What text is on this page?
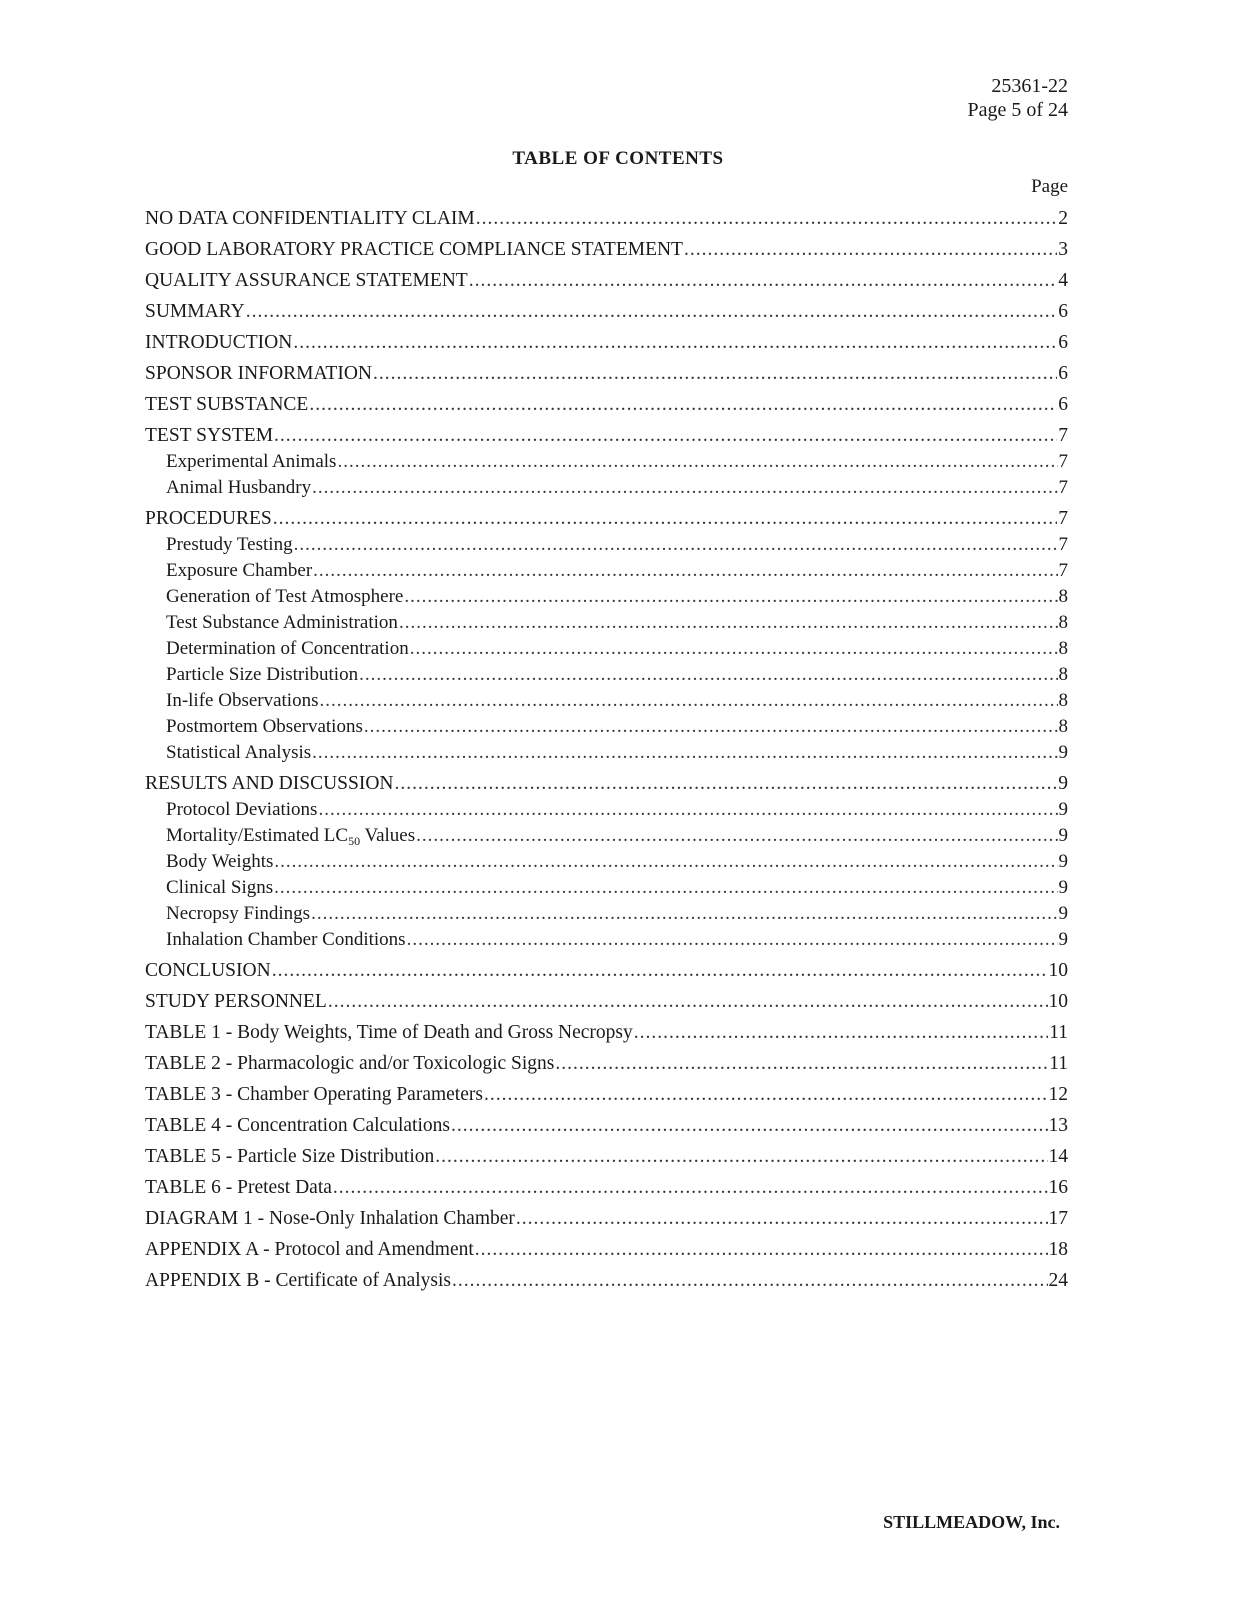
25361-22
Page 5 of 24
TABLE OF CONTENTS
Page
NO DATA CONFIDENTIALITY CLAIM .....	2
GOOD LABORATORY PRACTICE COMPLIANCE STATEMENT .....	3
QUALITY ASSURANCE STATEMENT .....	4
SUMMARY .....	6
INTRODUCTION .....	6
SPONSOR INFORMATION .....	6
TEST SUBSTANCE .....	6
TEST SYSTEM .....	7
Experimental Animals .....	7
Animal Husbandry .....	7
PROCEDURES .....	7
Prestudy Testing .....	7
Exposure Chamber .....	7
Generation of Test Atmosphere .....	8
Test Substance Administration .....	8
Determination of Concentration .....	8
Particle Size Distribution .....	8
In-life Observations .....	8
Postmortem Observations .....	8
Statistical Analysis .....	9
RESULTS AND DISCUSSION .....	9
Protocol Deviations .....	9
Mortality/Estimated $LC_{50}$ Values .....	9
Body Weights .....	9
Clinical Signs .....	9
Necropsy Findings .....	9
Inhalation Chamber Conditions .....	9
CONCLUSION .....	10
STUDY PERSONNEL .....	10
TABLE 1 - Body Weights, Time of Death and Gross Necropsy .....	11
TABLE 2 - Pharmacologic and/or Toxicologic Signs .....	11
TABLE 3 - Chamber Operating Parameters .....	12
TABLE 4 - Concentration Calculations .....	13
TABLE 5 - Particle Size Distribution .....	14
TABLE 6 - Pretest Data .....	16
DIAGRAM 1 - Nose-Only Inhalation Chamber .....	17
APPENDIX A - Protocol and Amendment .....	18
APPENDIX B - Certificate of Analysis .....	24
STILLMEADOW, Inc.
